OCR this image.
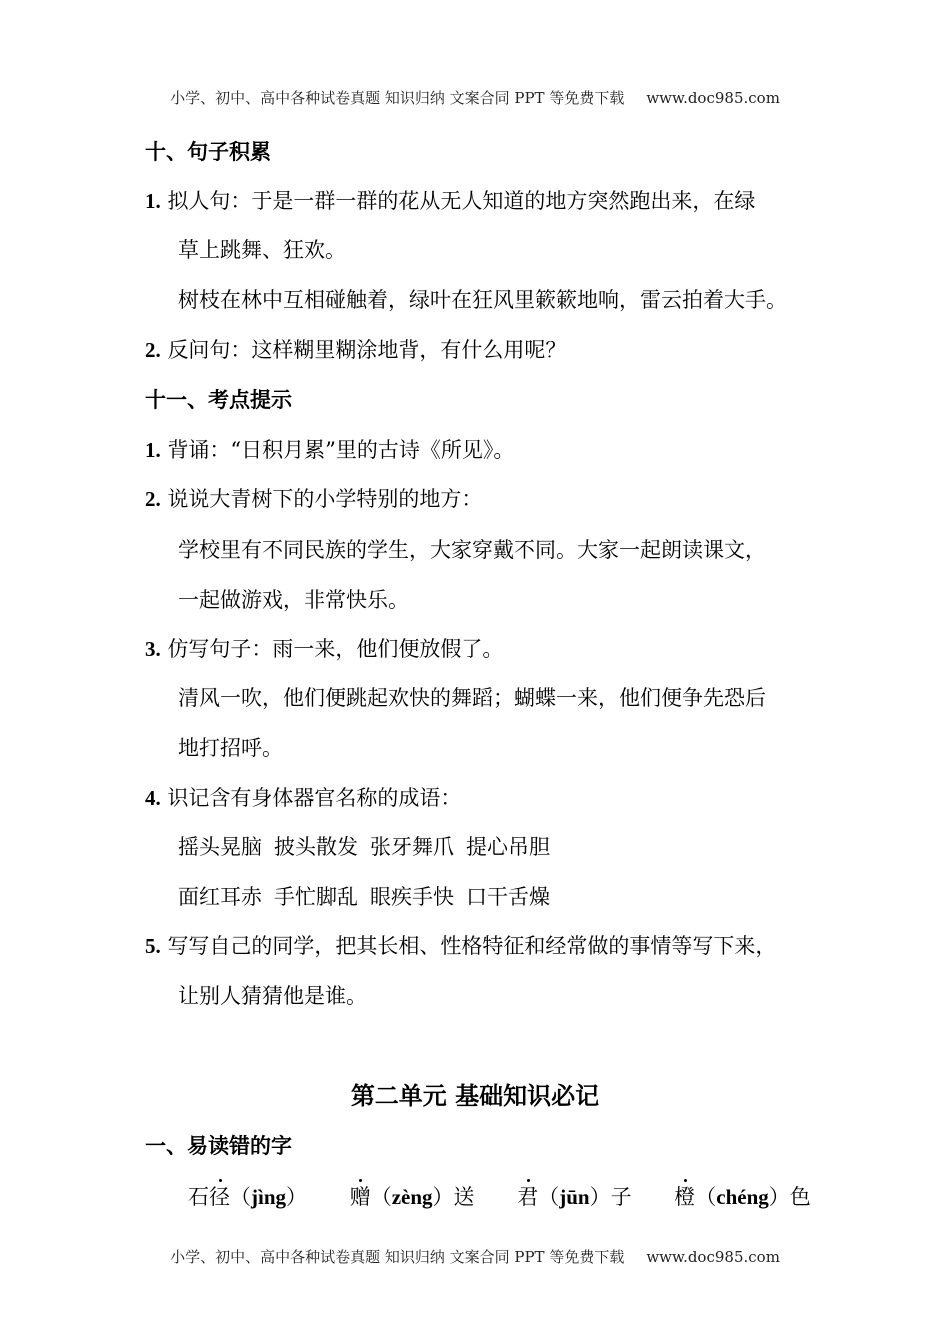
小学、初中、高中各种试卷真题 知识归纳 文案合同 PPT 等免费下载 www.doc985.com
十、句子积累
1. 拟人句：于是一群一群的花从无人知道的地方突然跑出来，在绿
草上跳舞、狂欢。
树枝在林中互相碰触着，绿叶在狂风里簌簌地响，雷云拍着大手。
2. 反问句：这样糊里糊涂地背，有什么用呢？
十一、考点提示
1. 背诵：“日积月累”里的古诗《所见》。
2. 说说大青树下的小学特别的地方：
学校里有不同民族的学生，大家穿戴不同。大家一起朗读课文，
一起做游戏，非常快乐。
3. 仿写句子：雨一来，他们便放假了。
清风一吹，他们便跳起欢快的舞蹈；蝴蝶一来，他们便争先恐后
地打招呼。
4. 识记含有身体器官名称的成语：
摇头晃脑 披头散发 张牙舞爪 提心吊胆
面红耳赤 手忙脚乱 眼疾手快 口干舌燥
5. 写写自己的同学，把其长相、性格特征和经常做的事情等写下来，
让别人猜猜他是谁。
第二单元 基础知识必记
一、易读错的字
石径（jìng） 赠（zèng）送 君（jūn）子 橙（chéng）色
小学、初中、高中各种试卷真题 知识归纳 文案合同 PPT 等免费下载 www.doc985.com
